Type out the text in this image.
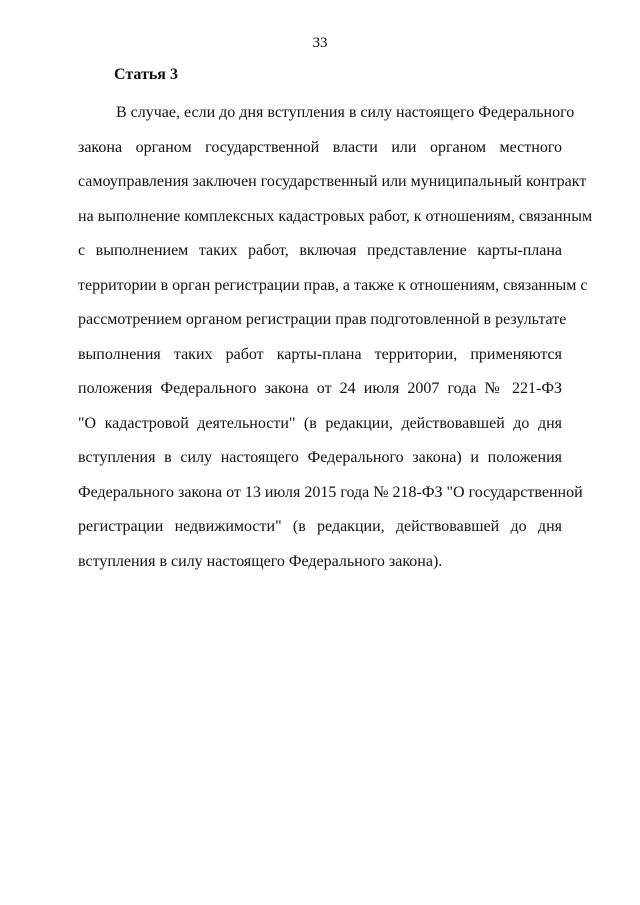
33
Статья 3
В случае, если до дня вступления в силу настоящего Федерального
закона органом государственной власти или органом местного
самоуправления заключен государственный или муниципальный контракт
на выполнение комплексных кадастровых работ, к отношениям, связанным
с выполнением таких работ, включая представление карты-плана
территории в орган регистрации прав, а также к отношениям, связанным с
рассмотрением органом регистрации прав подготовленной в результате
выполнения таких работ карты-плана территории, применяются
положения Федерального закона от 24 июля 2007 года № 221-ФЗ
"О кадастровой деятельности" (в редакции, действовавшей до дня
вступления в силу настоящего Федерального закона) и положения
Федерального закона от 13 июля 2015 года № 218-ФЗ "О государственной
регистрации недвижимости" (в редакции, действовавшей до дня
вступления в силу настоящего Федерального закона).
